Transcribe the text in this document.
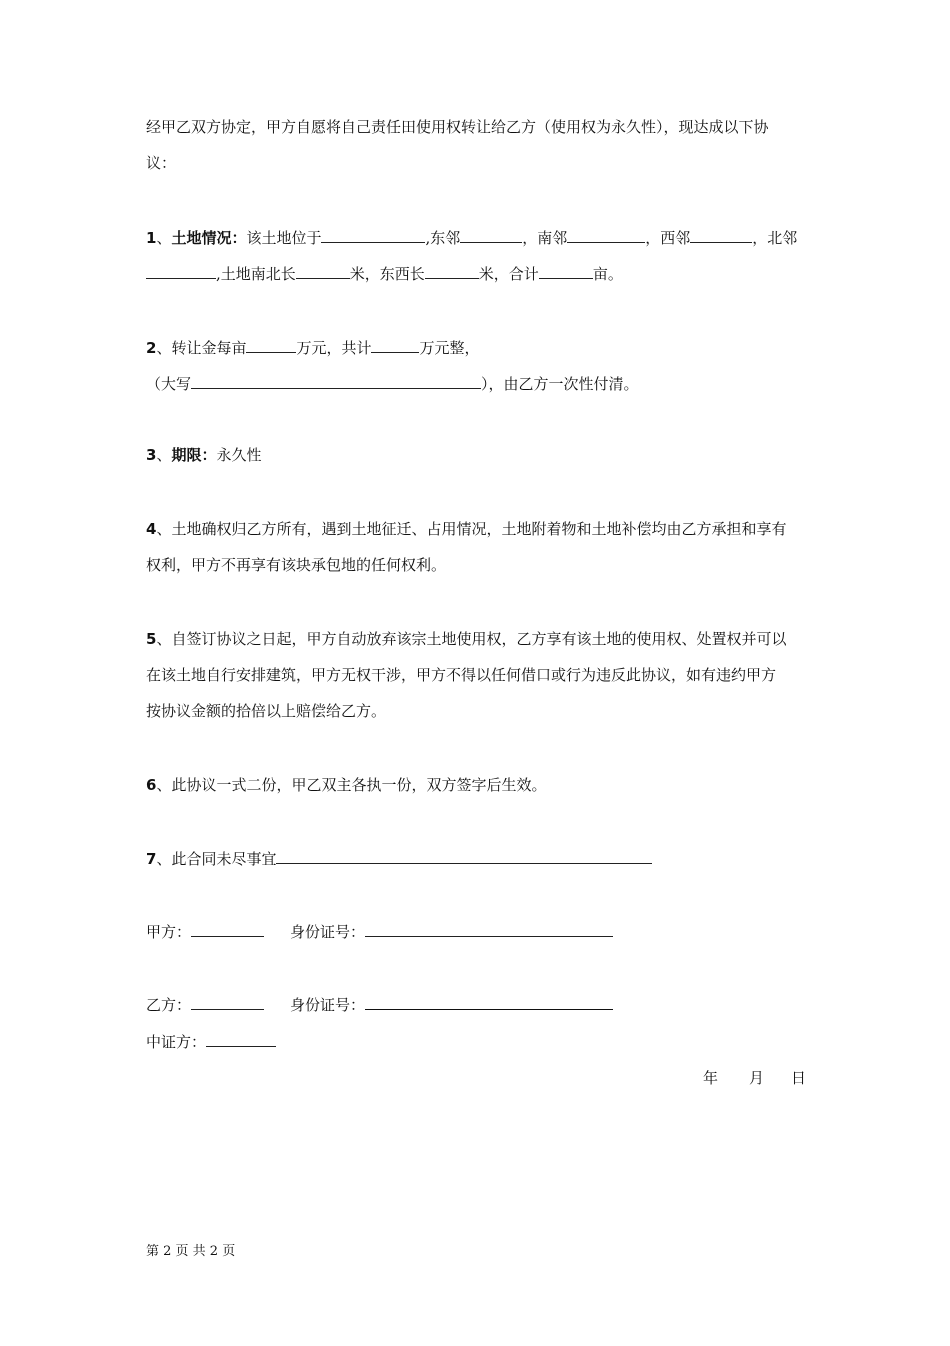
经甲乙双方协定，甲方自愿将自己责任田使用权转让给乙方（使用权为永久性），现达成以下协
议：
1、土地情况：该土地位于	,东邻	，南邻	，西邻	，北邻
,土地南北长	米，东西长	米，合计	亩。
2、转让金每亩	万元，共计	万元整，
（大写	），由乙方一次性付清。
3、期限：永久性
4、土地确权归乙方所有，遇到土地征迁、占用情况，土地附着物和土地补偿均由乙方承担和享有
权利，甲方不再享有该块承包地的任何权利。
5、自签订协议之日起，甲方自动放弃该宗土地使用权，乙方享有该土地的使用权、处置权并可以
在该土地自行安排建筑，甲方无权干涉，甲方不得以任何借口或行为违反此协议，如有违约甲方
按协议金额的拾倍以上赔偿给乙方。
6、此协议一式二份，甲乙双主各执一份，双方签字后生效。
7、此合同未尽事宜
甲方：	身份证号：
乙方：	身份证号：
中证方：
年 月 日
第 2 页 共 2 页
